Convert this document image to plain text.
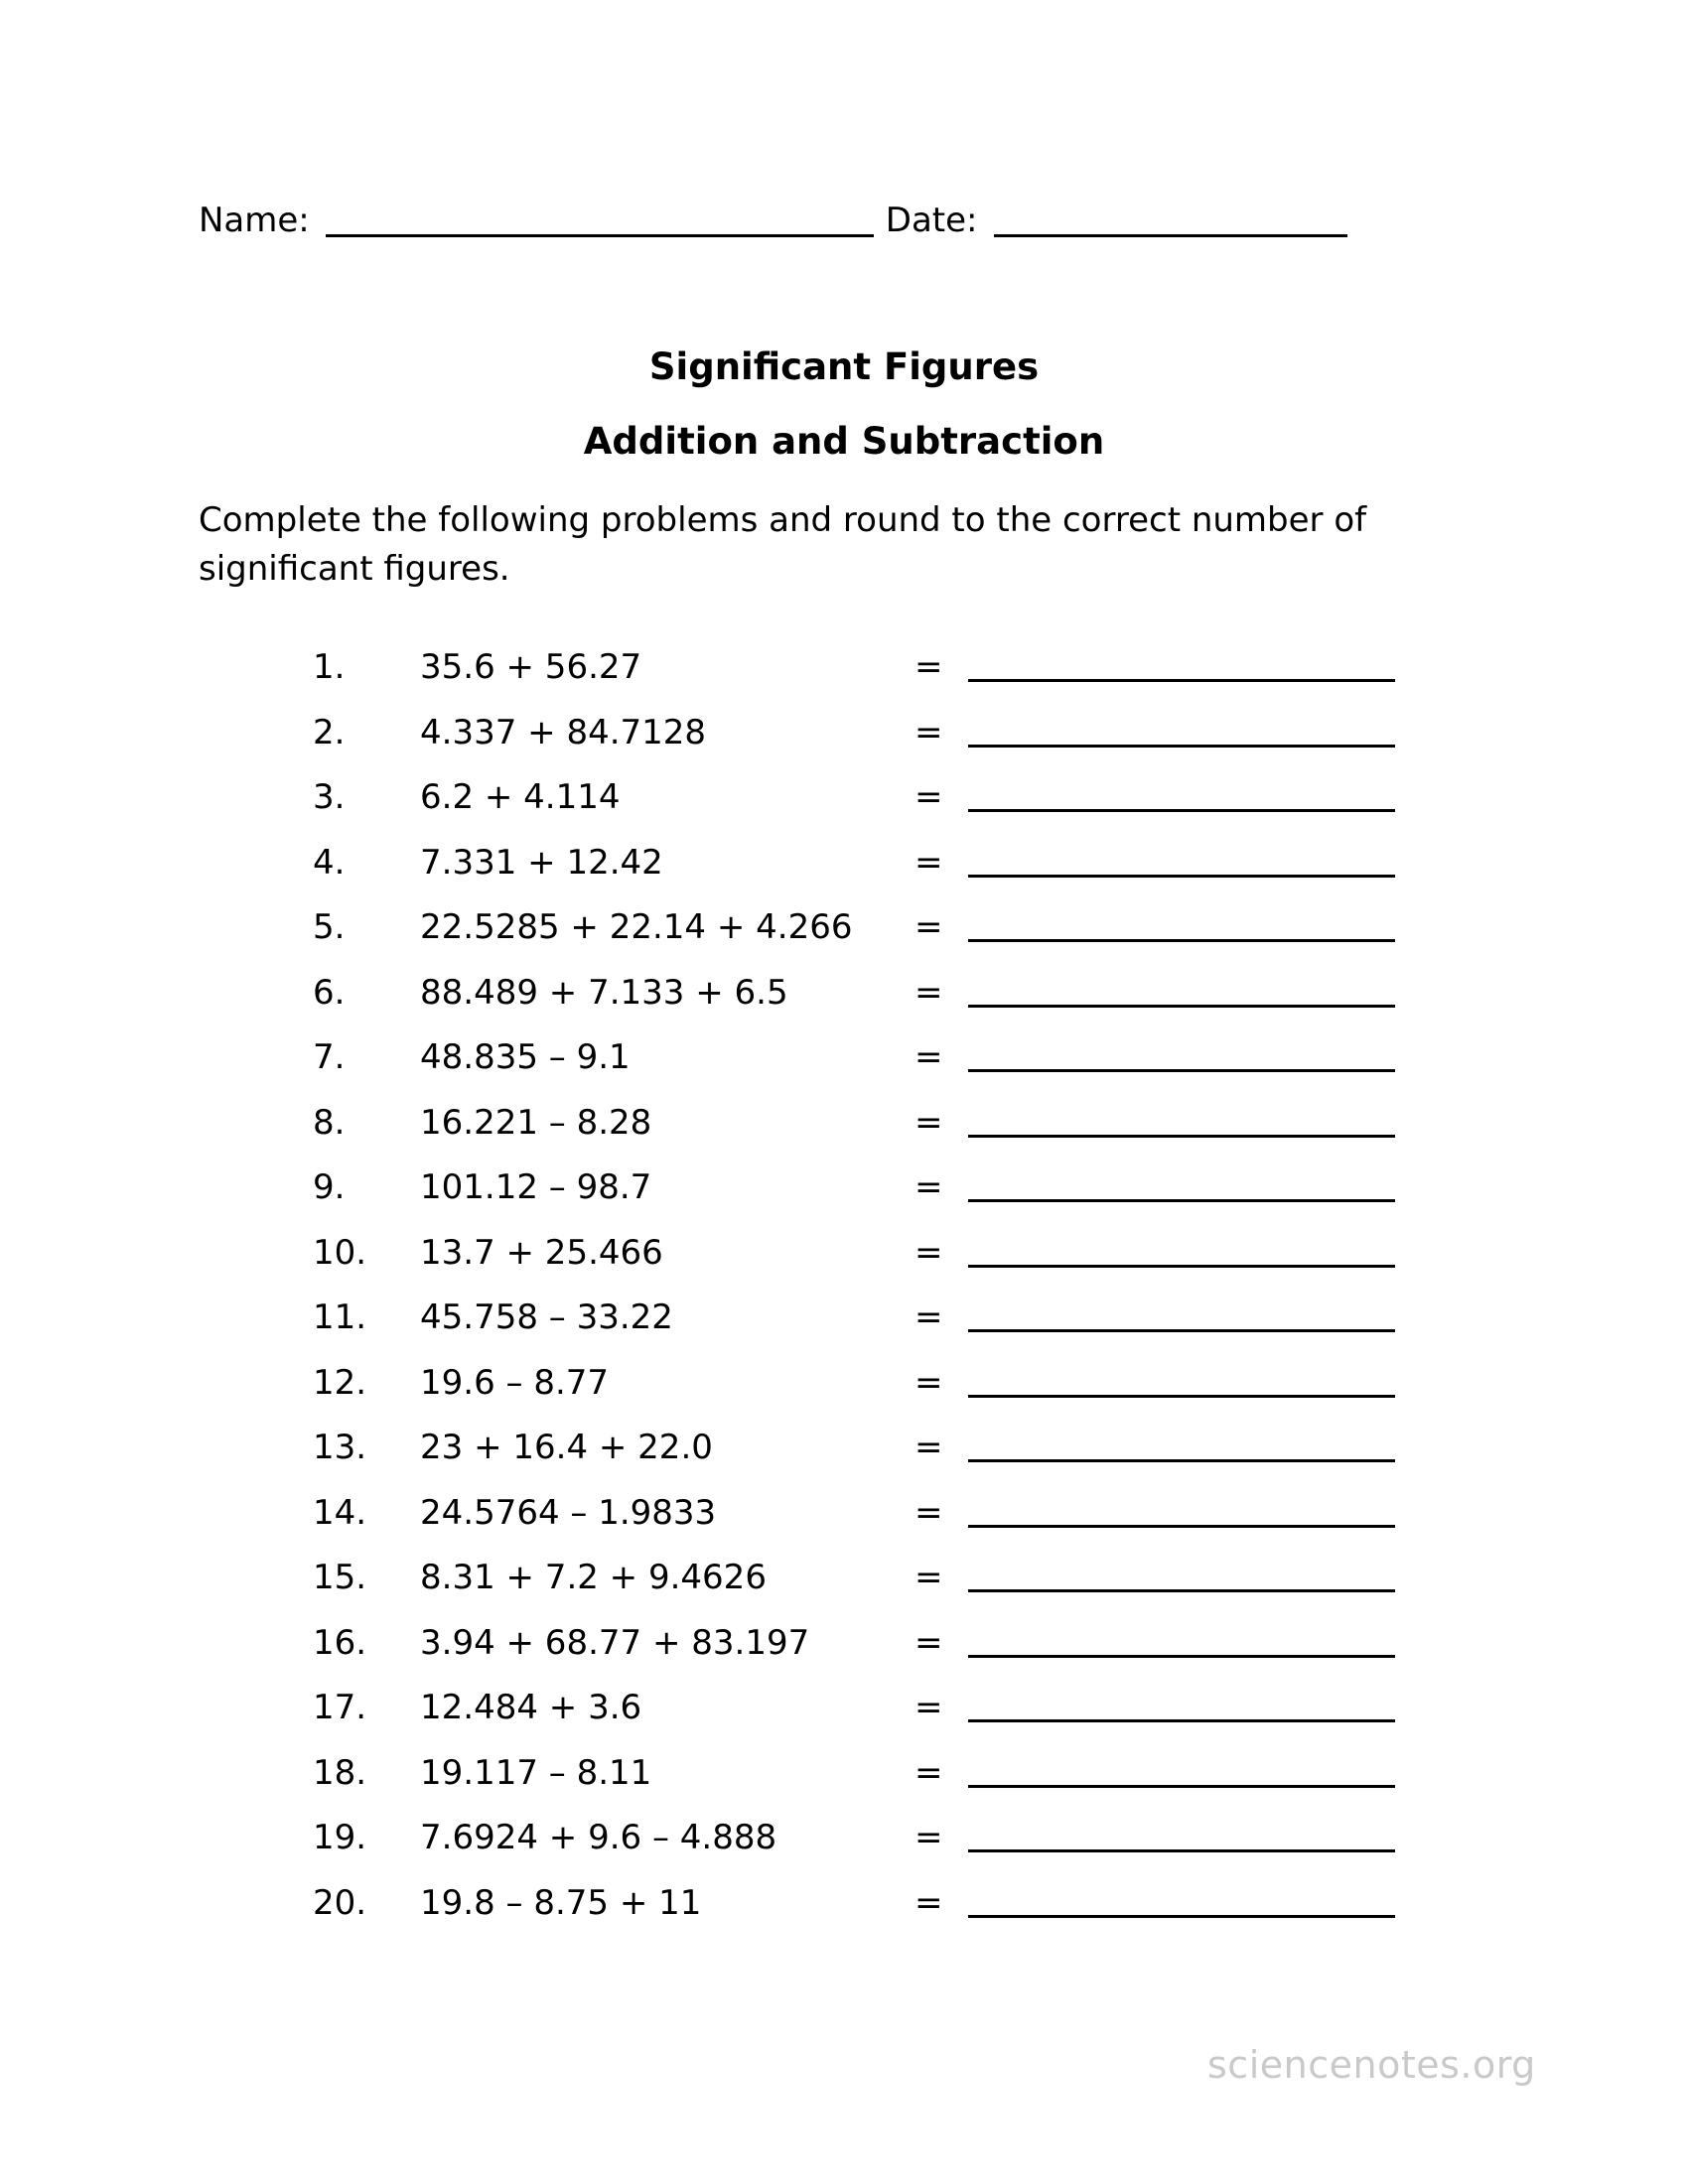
Name:	Date:
Significant Figures
Addition and Subtraction
Complete the following problems and round to the correct number of
significant figures.
1.	35.6 + 56.27	=
2.	4.337 + 84.7128	=
3.	6.2 + 4.114	=
4.	7.331 + 12.42	=
5.	22.5285 + 22.14 + 4.266	=
6.	88.489 + 7.133 + 6.5	=
7.	48.835 – 9.1	=
8.	16.221 – 8.28	=
9.	101.12 – 98.7	=
10.	13.7 + 25.466	=
11.	45.758 – 33.22	=
12.	19.6 – 8.77	=
13.	23 + 16.4 + 22.0	=
14.	24.5764 – 1.9833	=
15.	8.31 + 7.2 + 9.4626	=
16.	3.94 + 68.77 + 83.197	=
17.	12.484 + 3.6	=
18.	19.117 – 8.11	=
19.	7.6924 + 9.6 – 4.888	=
20.	19.8 – 8.75 + 11	=
sciencenotes.org
